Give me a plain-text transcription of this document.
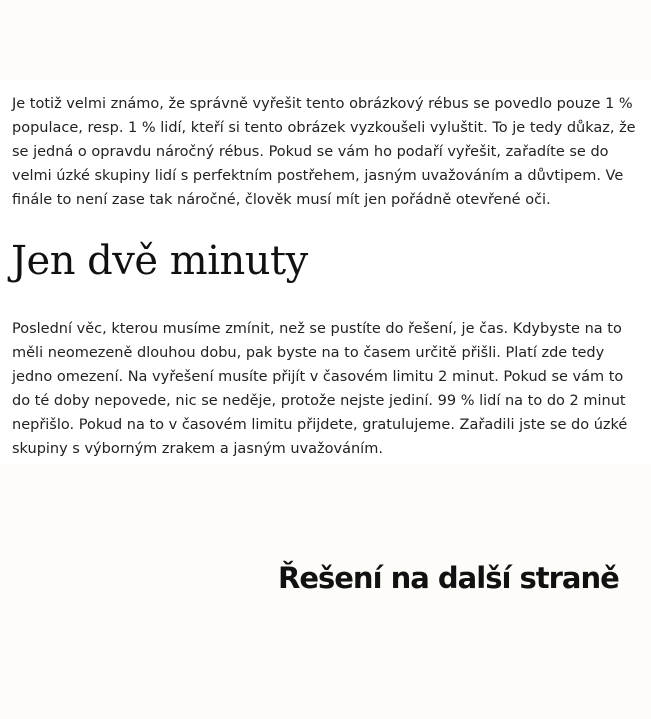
Je totiž velmi známo, že správně vyřešit tento obrázkový rébus se povedlo pouze 1 % populace, resp. 1 % lidí, kteří si tento obrázek vyzkoušeli vyluštit. To je tedy důkaz, že se jedná o opravdu náročný rébus. Pokud se vám ho podaří vyřešit, zařadíte se do velmi úzké skupiny lidí s perfektním postřehem, jasným uvažováním a důvtipem. Ve finále to není zase tak náročné, člověk musí mít jen pořádně otevřené oči.

Jen dvě minuty

Poslední věc, kterou musíme zmínit, než se pustíte do řešení, je čas. Kdybyste na to měli neomezeně dlouhou dobu, pak byste na to časem určitě přišli. Platí zde tedy jedno omezení. Na vyřešení musíte přijít v časovém limitu 2 minut. Pokud se vám to do té doby nepovede, nic se neděje, protože nejste jediní. 99 % lidí na to do 2 minut nepřišlo. Pokud na to v časovém limitu přijdete, gratulujeme. Zařadili jste se do úzké skupiny s výborným zrakem a jasným uvažováním.

Řešení na další straně
